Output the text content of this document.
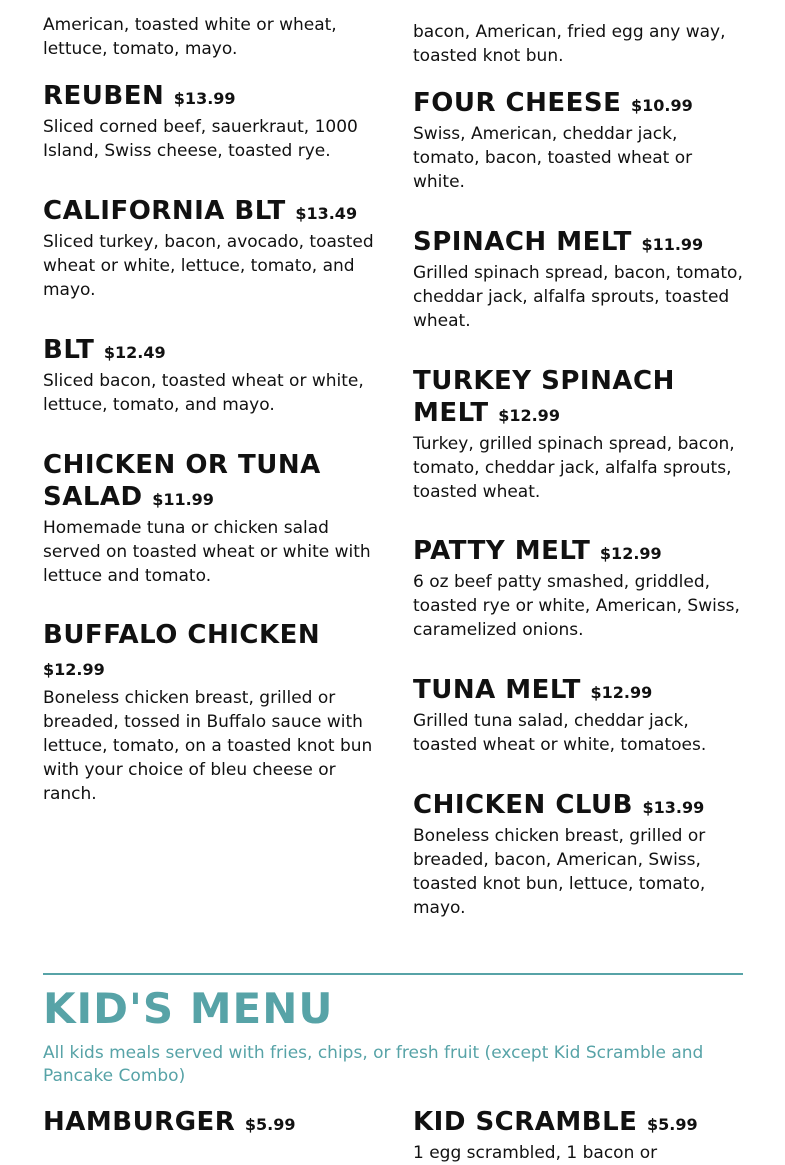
American, toasted white or wheat, lettuce, tomato, mayo.

REUBEN $13.99

Sliced corned beef, sauerkraut, 1000 Island, Swiss cheese, toasted rye.

CALIFORNIA BLT $13.49

Sliced turkey, bacon, avocado, toasted wheat or white, lettuce, tomato, and mayo.

BLT $12.49

Sliced bacon, toasted wheat or white, lettuce, tomato, and mayo.

CHICKEN OR TUNA SALAD $11.99

Homemade tuna or chicken salad served on toasted wheat or white with lettuce and tomato.

BUFFALO CHICKEN $12.99

Boneless chicken breast, grilled or breaded, tossed in Buffalo sauce with lettuce, tomato, on a toasted knot bun with your choice of bleu cheese or ranch.

bacon, American, fried egg any way, toasted knot bun.

FOUR CHEESE $10.99

Swiss, American, cheddar jack, tomato, bacon, toasted wheat or white.

SPINACH MELT $11.99

Grilled spinach spread, bacon, tomato, cheddar jack, alfalfa sprouts, toasted wheat.

TURKEY SPINACH MELT $12.99

Turkey, grilled spinach spread, bacon, tomato, cheddar jack, alfalfa sprouts, toasted wheat.

PATTY MELT $12.99

6 oz beef patty smashed, griddled, toasted rye or white, American, Swiss, caramelized onions.

TUNA MELT $12.99

Grilled tuna salad, cheddar jack, toasted wheat or white, tomatoes.

CHICKEN CLUB $13.99

Boneless chicken breast, grilled or breaded, bacon, American, Swiss, toasted knot bun, lettuce, tomato, mayo.

KID'S MENU

All kids meals served with fries, chips, or fresh fruit (except Kid Scramble and Pancake Combo)

HAMBURGER $5.99	KID SCRAMBLE $5.99

1 egg scrambled, 1 bacon or
